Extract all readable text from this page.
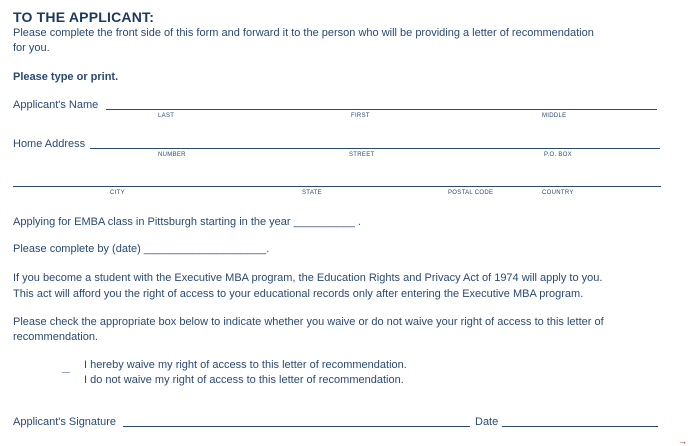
TO THE APPLICANT:
Please complete the front side of this form and forward it to the person who will be providing a letter of recommendation
for you.
Please type or print.
Applicant's Name
LAST	FIRST	MIDDLE
Home Address
NUMBER	STREET	P.O. BOX
CITY	STATE	POSTAL CODE	COUNTRY
Applying for EMBA class in Pittsburgh starting in the year __________ .
Please complete by (date) ____________________.
If you become a student with the Executive MBA program, the Education Rights and Privacy Act of 1974 will apply to you.
This act will afford you the right of access to your educational records only after entering the Executive MBA program.
Please check the appropriate box below to indicate whether you waive or do not waive your right of access to this letter of
recommendation.
I hereby waive my right of access to this letter of recommendation.
I do not waive my right of access to this letter of recommendation.
Applicant's Signature	Date
→
